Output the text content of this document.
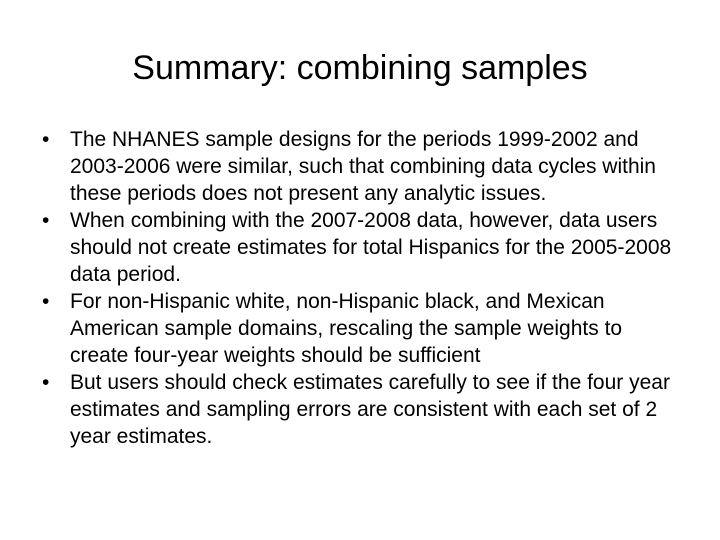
Summary: combining samples
• The NHANES sample designs for the periods 1999-2002 and 2003-2006 were similar, such that combining data cycles within these periods does not present any analytic issues.
• When combining with the 2007-2008 data, however, data users should not create estimates for total Hispanics for the 2005-2008 data period.
• For non-Hispanic white, non-Hispanic black, and Mexican American sample domains, rescaling the sample weights to create four-year weights should be sufficient
• But users should check estimates carefully to see if the four year estimates and sampling errors are consistent with each set of 2 year estimates.
